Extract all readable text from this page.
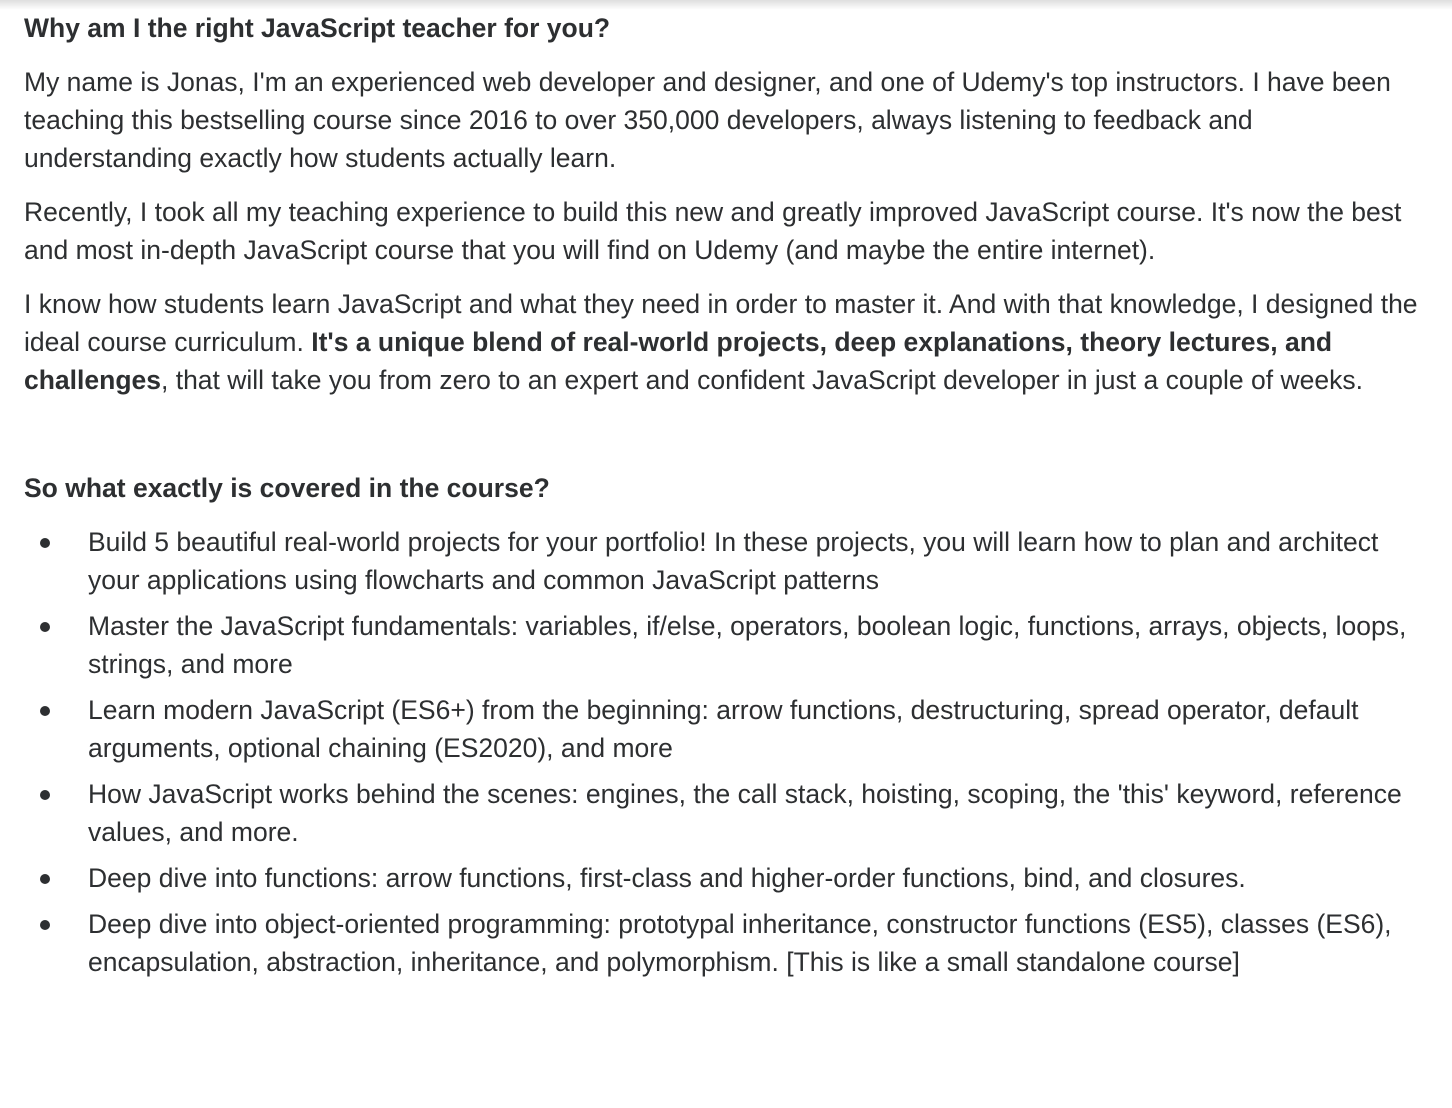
Why am I the right JavaScript teacher for you?

My name is Jonas, I'm an experienced web developer and designer, and one of Udemy's top instructors. I have been teaching this bestselling course since 2016 to over 350,000 developers, always listening to feedback and understanding exactly how students actually learn.

Recently, I took all my teaching experience to build this new and greatly improved JavaScript course. It's now the best and most in-depth JavaScript course that you will find on Udemy (and maybe the entire internet).

I know how students learn JavaScript and what they need in order to master it. And with that knowledge, I designed the ideal course curriculum. It's a unique blend of real-world projects, deep explanations, theory lectures, and challenges, that will take you from zero to an expert and confident JavaScript developer in just a couple of weeks.

So what exactly is covered in the course?
Build 5 beautiful real-world projects for your portfolio! In these projects, you will learn how to plan and architect your applications using flowcharts and common JavaScript patterns
Master the JavaScript fundamentals: variables, if/else, operators, boolean logic, functions, arrays, objects, loops, strings, and more
Learn modern JavaScript (ES6+) from the beginning: arrow functions, destructuring, spread operator, default arguments, optional chaining (ES2020), and more
How JavaScript works behind the scenes: engines, the call stack, hoisting, scoping, the 'this' keyword, reference values, and more.
Deep dive into functions: arrow functions, first-class and higher-order functions, bind, and closures.
Deep dive into object-oriented programming: prototypal inheritance, constructor functions (ES5), classes (ES6), encapsulation, abstraction, inheritance, and polymorphism. [This is like a small standalone course]
